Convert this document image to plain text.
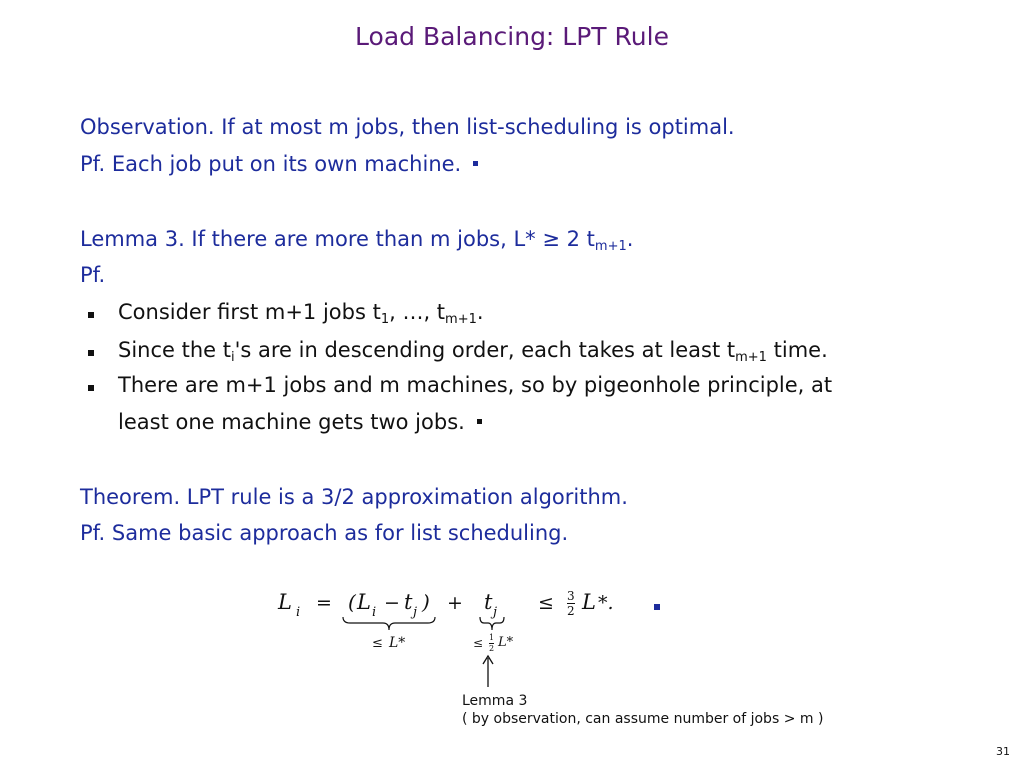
Load Balancing: LPT Rule
Observation. If at most m jobs, then list-scheduling is optimal.
Pf. Each job put on its own machine.
Lemma 3. If there are more than m jobs, L* ≥ 2 $t_{m+1}$.
Pf.
Consider first m+1 jobs $t_1$, …, $t_{m+1}$.
Since the $t_i's$ are in descending order, each takes at least $t_{m+1}$ time.
There are m+1 jobs and m machines, so by pigeonhole principle, at
least one machine gets two jobs.
Theorem. LPT rule is a 3/2 approximation algorithm.
Pf. Same basic approach as for list scheduling.
L i = ( L i − t j ) + t j ≤ 3
2 L *.
≤ L*	≤ 1
2 L*
Lemma 3
( by observation, can assume number of jobs > m )
31
